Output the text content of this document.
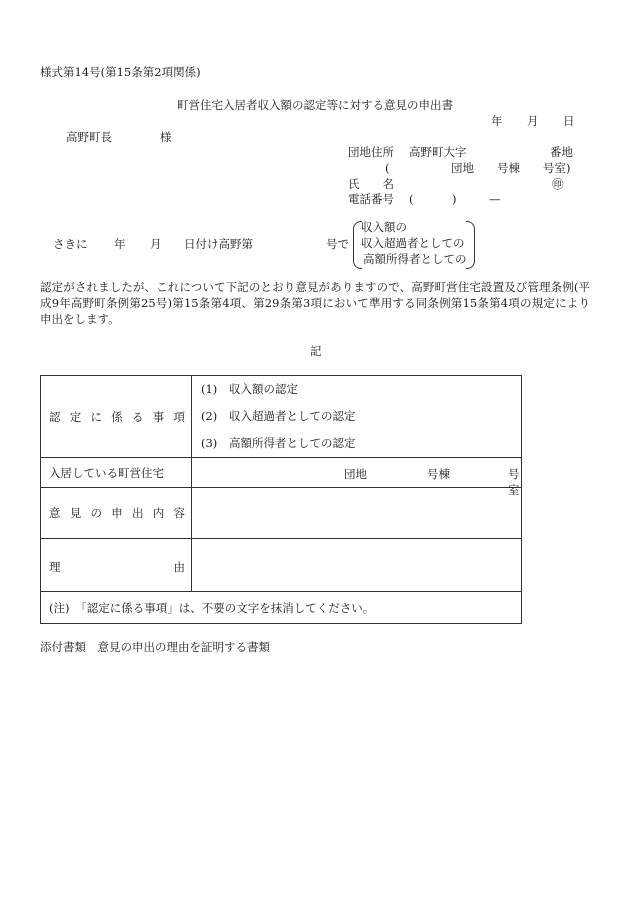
様式第14号(第15条第2項関係)
町営住宅入居者収入額の認定等に対する意見の申出書
年 月 日
高野町長	様
団地住所 高野町大字	番地
(	団地 号棟 号室)
氏　　名	㊞
電話番号 (	)	—
さきに 年 月 日付け高野第	号で
収入額の
収入超過者としての
高額所得者としての
認定がされましたが、これについて下記のとおり意見がありますので、高野町営住宅設置及び管理条例(平成9年高野町条例第25号)第15条第4項、第29条第3項において準用する同条例第15条第4項の規定により申出をします。
記
認定に係る事項	(1) 収入額の認定
(2) 収入超過者としての認定
(3) 高額所得者としての認定

入居している町営住宅	団地 号棟 号室

意見の申出内容	

理 由	

(注)　「認定に係る事項」は、不要の文字を抹消してください。	
添付書類　意見の申出の理由を証明する書類
